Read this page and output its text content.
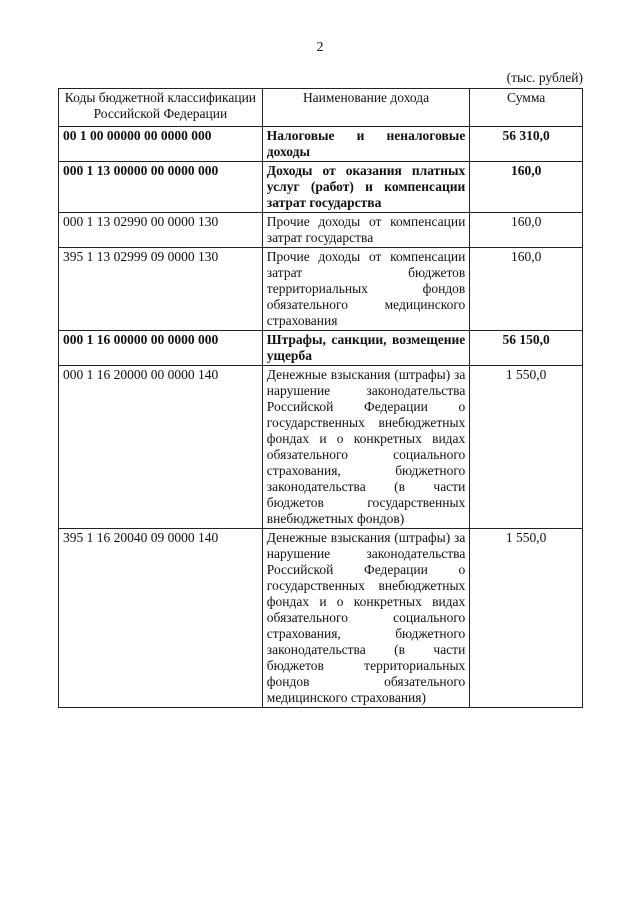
2
(тыс. рублей)
Коды бюджетной классификации Российской Федерации	Наименование дохода	Сумма
00 1 00 00000 00 0000 000	Налоговые и неналоговые доходы	56 310,0
000 1 13 00000 00 0000 000	Доходы от оказания платных услуг (работ) и компенсации затрат государства	160,0
000 1 13 02990 00 0000 130	Прочие доходы от компенсации затрат государства	160,0
395 1 13 02999 09 0000 130	Прочие доходы от компенсации затрат бюджетов территориальных фондов обязательного медицинского страхования	160,0
000 1 16 00000 00 0000 000	Штрафы, санкции, возмещение ущерба	56 150,0
000 1 16 20000 00 0000 140	Денежные взыскания (штрафы) за нарушение законодательства Российской Федерации о государственных внебюджетных фондах и о конкретных видах обязательного социального страхования, бюджетного законодательства (в части бюджетов государственных внебюджетных фондов)	1 550,0
395 1 16 20040 09 0000 140	Денежные взыскания (штрафы) за нарушение законодательства Российской Федерации о государственных внебюджетных фондах и о конкретных видах обязательного социального страхования, бюджетного законодательства (в части бюджетов территориальных фондов обязательного медицинского страхования)	1 550,0
